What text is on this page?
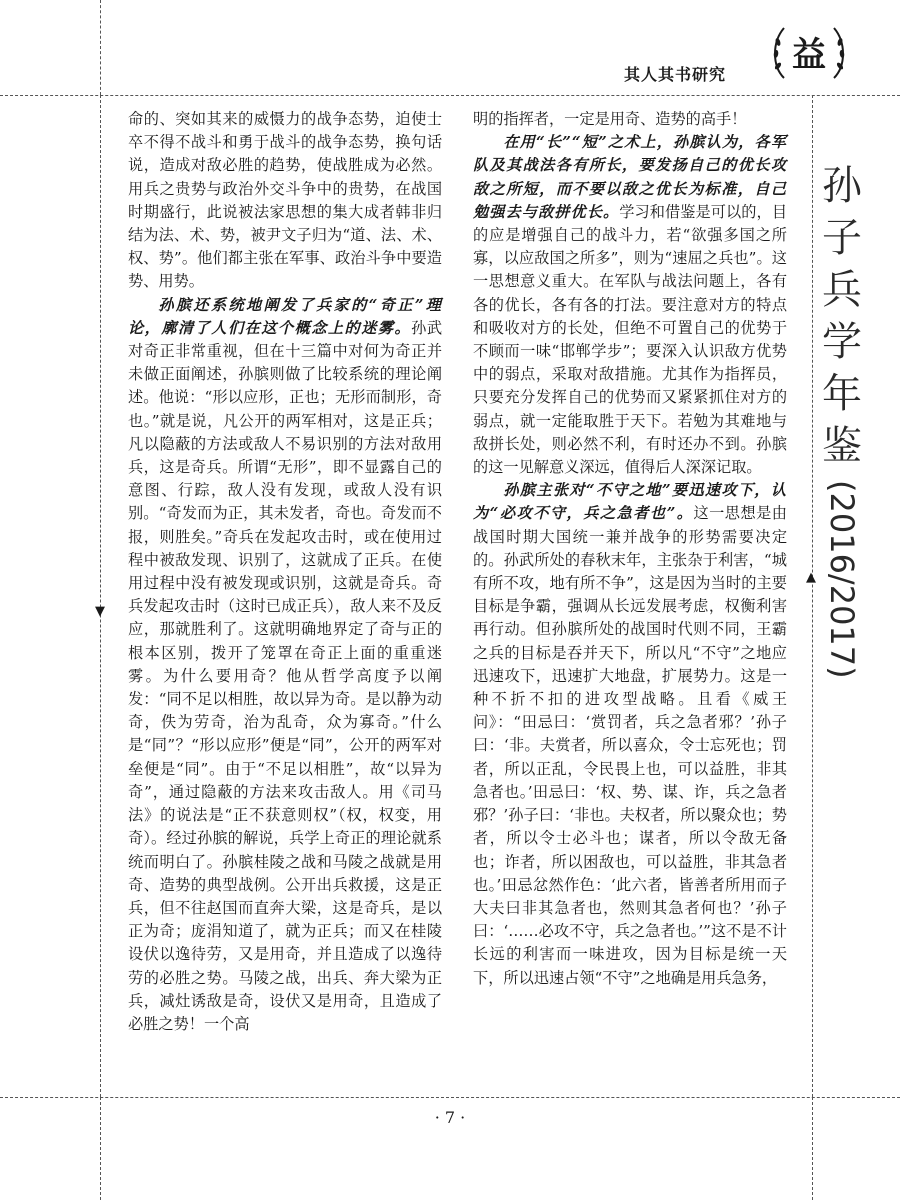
其人其书研究 益

命的、突如其来的威慑力的战争态势，迫使士卒不得不战斗和勇于战斗的战争态势，换句话说，造成对敌必胜的趋势，使战胜成为必然。用兵之贵势与政治外交斗争中的贵势，在战国时期盛行，此说被法家思想的集大成者韩非归结为法、术、势，被尹文子归为“道、法、术、权、势”。他们都主张在军事、政治斗争中要造势、用势。

孙膑还系统地阐发了兵家的“奇正”理论，廓清了人们在这个概念上的迷雾。孙武对奇正非常重视，但在十三篇中对何为奇正并未做正面阐述，孙膑则做了比较系统的理论阐述。他说：“形以应形，正也；无形而制形，奇也。”就是说，凡公开的两军相对，这是正兵；凡以隐蔽的方法或敌人不易识别的方法对敌用兵，这是奇兵。所谓“无形”，即不显露自己的意图、行踪，敌人没有发现，或敌人没有识别。“奇发而为正，其未发者，奇也。奇发而不报，则胜矣。”奇兵在发起攻击时，或在使用过程中被敌发现、识别了，这就成了正兵。在使用过程中没有被发现或识别，这就是奇兵。奇兵发起攻击时（这时已成正兵），敌人来不及反应，那就胜利了。这就明确地界定了奇与正的根本区别，拨开了笼罩在奇正上面的重重迷雾。为什么要用奇？他从哲学高度予以阐发：“同不足以相胜，故以异为奇。是以静为动奇，佚为劳奇，治为乱奇，众为寡奇。”什么是“同”？“形以应形”便是“同”，公开的两军对垒便是“同”。由于“不足以相胜”，故“以异为奇”，通过隐蔽的方法来攻击敌人。用《司马法》的说法是“正不获意则权”（权，权变，用奇）。经过孙膑的解说，兵学上奇正的理论就系统而明白了。孙膑桂陵之战和马陵之战就是用奇、造势的典型战例。公开出兵救援，这是正兵，但不往赵国而直奔大梁，这是奇兵，是以正为奇；庞涓知道了，就为正兵；而又在桂陵设伏以逸待劳，又是用奇，并且造成了以逸待劳的必胜之势。马陵之战，出兵、奔大梁为正兵，减灶诱敌是奇，设伏又是用奇，且造成了必胜之势！一个高

明的指挥者，一定是用奇、造势的高手！

在用“长”“短”之术上，孙膑认为，各军队及其战法各有所长，要发扬自己的优长攻敌之所短，而不要以敌之优长为标准，自己勉强去与敌拼优长。学习和借鉴是可以的，目的应是增强自己的战斗力，若“欲强多国之所寡，以应敌国之所多”，则为“速屈之兵也”。这一思想意义重大。在军队与战法问题上，各有各的优长，各有各的打法。要注意对方的特点和吸收对方的长处，但绝不可置自己的优势于不顾而一味“邯郸学步”；要深入认识敌方优势中的弱点，采取对敌措施。尤其作为指挥员，只要充分发挥自己的优势而又紧紧抓住对方的弱点，就一定能取胜于天下。若勉为其难地与敌拼长处，则必然不利，有时还办不到。孙膑的这一见解意义深远，值得后人深深记取。

孙膑主张对“不守之地”要迅速攻下，认为“必攻不守，兵之急者也”。这一思想是由战国时期大国统一兼并战争的形势需要决定的。孙武所处的春秋末年，主张杂于利害，“城有所不攻，地有所不争”，这是因为当时的主要目标是争霸，强调从长远发展考虑，权衡利害再行动。但孙膑所处的战国时代则不同，王霸之兵的目标是吞并天下，所以凡“不守”之地应迅速攻下，迅速扩大地盘，扩展势力。这是一种不折不扣的进攻型战略。且看《威王问》：“田忌曰：‘赏罚者，兵之急者邪？’孙子曰：‘非。夫赏者，所以喜众，令士忘死也；罚者，所以正乱，令民畏上也，可以益胜，非其急者也。’田忌曰：‘权、势、谋、诈，兵之急者邪？’孙子曰：‘非也。夫权者，所以聚众也；势者，所以令士必斗也；谋者，所以令敌无备也；诈者，所以困敌也，可以益胜，非其急者也。’田忌忿然作色：‘此六者，皆善者所用而子大夫曰非其急者也，然则其急者何也？’孙子曰：‘……必攻不守，兵之急者也。’”这不是不计长远的利害而一味进攻，因为目标是统一天下，所以迅速占领“不守”之地确是用兵急务，

孙
子
兵
学
年
鉴
(2016/2017)
▼
▲
· 7 ·
